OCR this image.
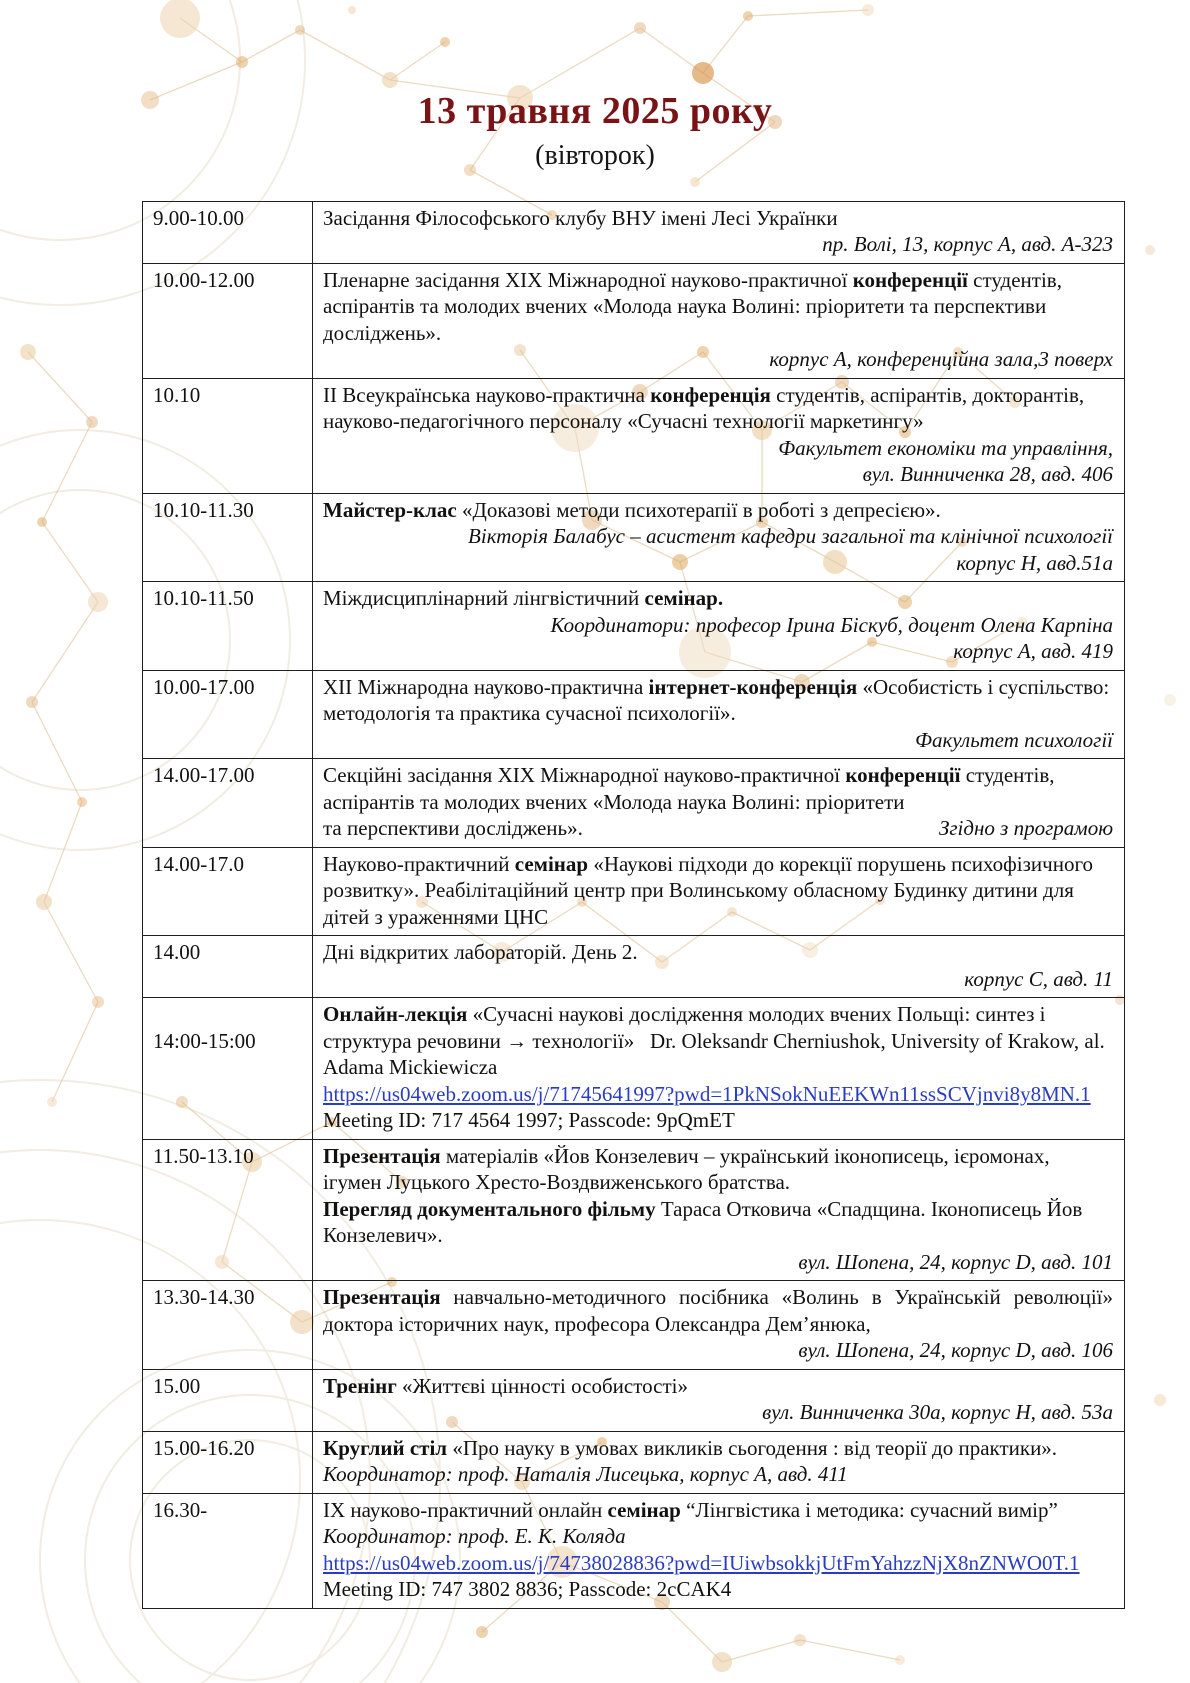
13 травня 2025 року
(вівторок)
9.00-10.00	Засідання Філософського клубу ВНУ імені Лесі Українки
пр. Волі, 13, корпус А, авд. А-323

10.00-12.00	Пленарне засідання ХІХ Міжнародної науково-практичної конференції студентів, аспірантів та молодих вчених «Молода наука Волині: пріоритети та перспективи досліджень».
корпус А, конференційна зала,3 поверх

10.10	ІІ Всеукраїнська науково-практична конференція студентів, аспірантів, докторантів, науково-педагогічного персоналу «Сучасні технології маркетингу»
Факультет економіки та управління,
вул. Винниченка 28, авд. 406

10.10-11.30	Майстер-клас «Доказові методи психотерапії в роботі з депресією».
Вікторія Балабус – асистент кафедри загальної та клінічної психології
корпус Н, авд.51а

10.10-11.50	Міждисциплінарний лінгвістичний семінар.
Координатори: професор Ірина Біскуб, доцент Олена Карпіна
корпус А, авд. 419

10.00-17.00	ХІІ Міжнародна науково-практична інтернет-конференція «Особистість і суспільство: методологія та практика сучасної психології».
Факультет психології

14.00-17.00	Секційні засідання ХІХ Міжнародної науково-практичної конференції студентів, аспірантів та молодих вчених «Молода наука Волині: пріоритети
та перспективи досліджень». Згідно з програмою

14.00-17.0	Науково-практичний семінар «Наукові підходи до корекції порушень психофізичного розвитку». Реабілітаційний центр при Волинському обласному Будинку дитини для дітей з ураженнями ЦНС

14.00	Дні відкритих лабораторій. День 2.
корпус С, авд. 11

14:00-15:00	Онлайн-лекція «Сучасні наукові дослідження молодих вчених Польщі: синтез і структура речовини → технології»   Dr. Oleksandr Cherniushok, University of Krakow, al. Adama Mickiewicza
https://us04web.zoom.us/j/71745641997?pwd=1PkNSokNuEEKWn11ssSCVjnvi8y8MN.1 Meeting ID: 717 4564 1997; Passcode: 9pQmET

11.50-13.10	Презентація матеріалів «Йов Конзелевич – український іконописець, ієромонах, ігумен Луцького Хресто-Воздвиженського братства.
Перегляд документального фільму Тараса Отковича «Спадщина. Іконописець Йов Конзелевич».
вул. Шопена, 24, корпус D, авд. 101

13.30-14.30	Презентація навчально-методичного посібника «Волинь в Українській революції» доктора історичних наук, професора Олександра Дем’янюка,
вул. Шопена, 24, корпус D, авд. 106

15.00	Тренінг «Життєві цінності особистості»
вул. Винниченка 30а, корпус Н, авд. 53а

15.00-16.20	Круглий стіл «Про науку в умовах викликів сьогодення : від теорії до практики». Координатор: проф. Наталія Лисецька, корпус А, авд. 411

16.30-	ІХ науково-практичний онлайн семінар “Лінгвістика і методика: сучасний вимір” Координатор: проф. Е. К. Коляда
https://us04web.zoom.us/j/74738028836?pwd=IUiwbsokkjUtFmYahzzNjX8nZNWO0T.1  Meeting ID: 747 3802 8836; Passcode: 2cCAK4
